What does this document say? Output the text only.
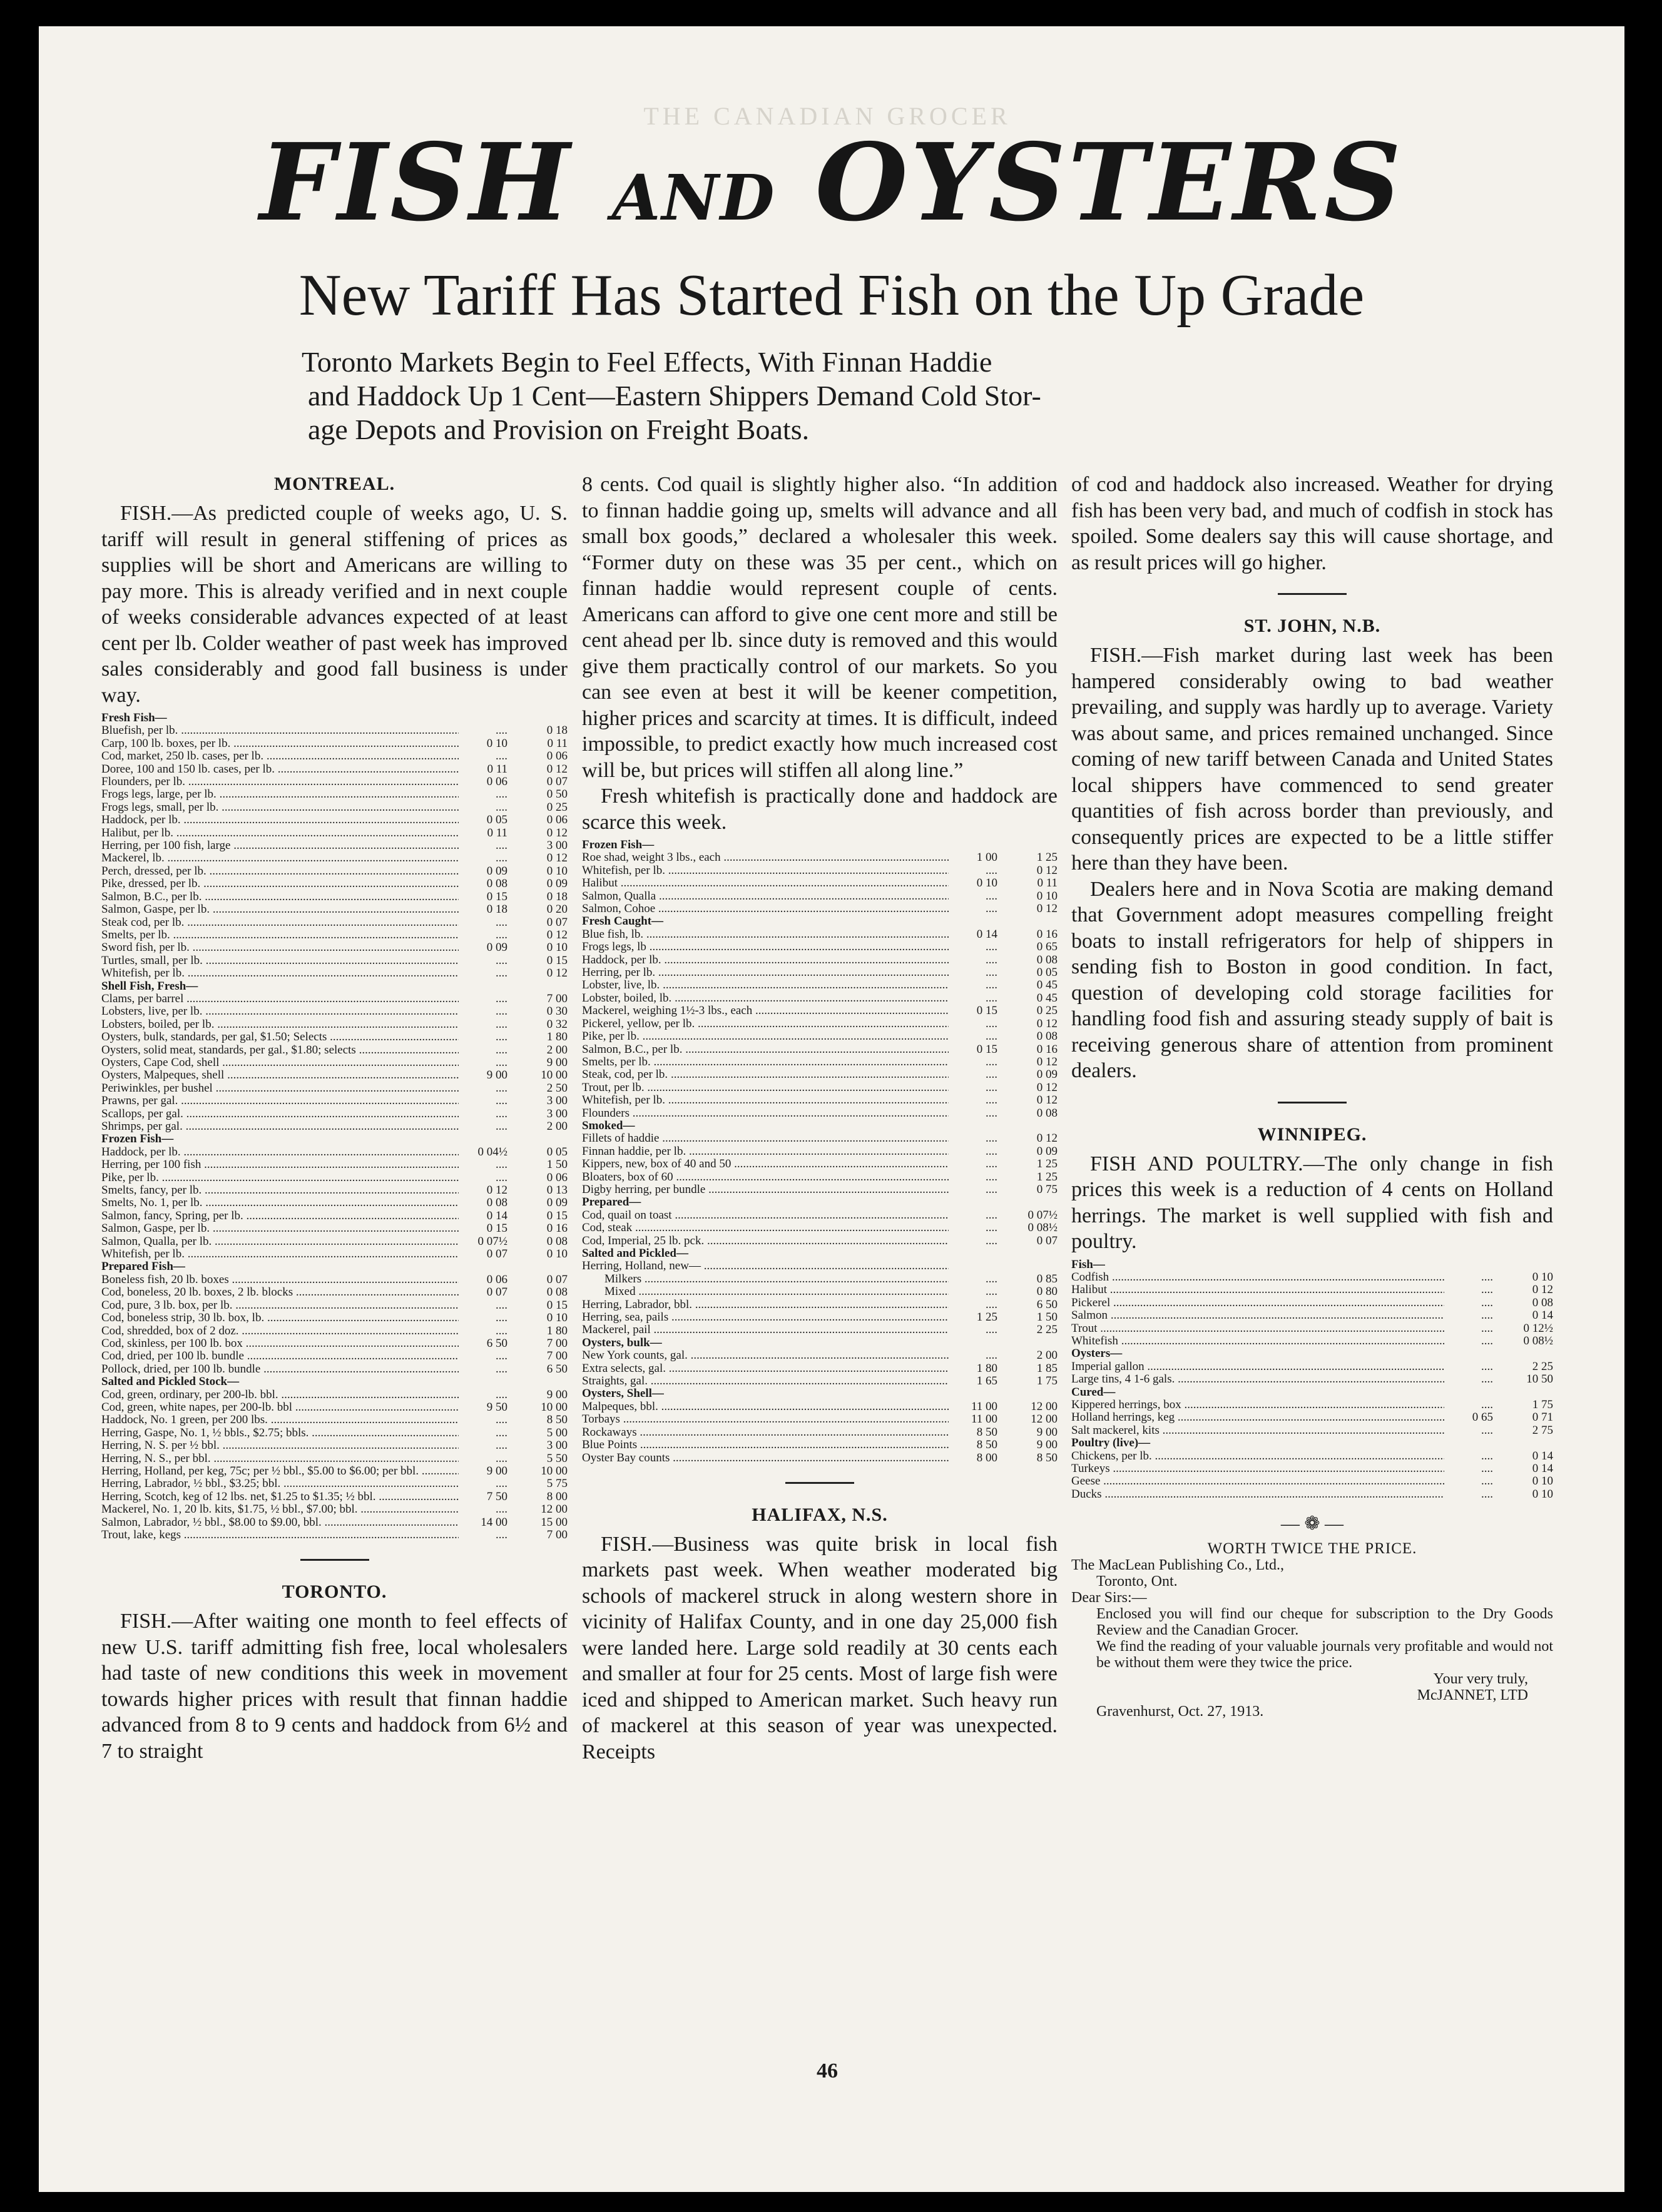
THE CANADIAN GROCER
FISH AND OYSTERS
New Tariff Has Started Fish on the Up Grade
Toronto Markets Begin to Feel Effects, With Finnan Haddie
and Haddock Up 1 Cent—Eastern Shippers Demand Cold Stor-
age Depots and Provision on Freight Boats.
MONTREAL.

FISH.—As predicted couple of weeks ago, U. S. tariff will result in general stiffening of prices as supplies will be short and Americans are willing to pay more. This is already verified and in next couple of weeks considerable advances expected of at least cent per lb. Colder weather of past week has improved sales considerably and good fall business is under way.

Fresh Fish—
Bluefish, per lb. .....	....	0 18
Carp, 100 lb. boxes, per lb. .....	0 10	0 11
Cod, market, 250 lb. cases, per lb. .....	....	0 06
Doree, 100 and 150 lb. cases, per lb. .....	0 11	0 12
Flounders, per lb. .....	0 06	0 07
Frogs legs, large, per lb. .....	....	0 50
Frogs legs, small, per lb. .....	....	0 25
Haddock, per lb. .....	0 05	0 06
Halibut, per lb. .....	0 11	0 12
Herring, per 100 fish, large .....	....	3 00
Mackerel, lb. .....	....	0 12
Perch, dressed, per lb. .....	0 09	0 10
Pike, dressed, per lb. .....	0 08	0 09
Salmon, B.C., per lb. .....	0 15	0 18
Salmon, Gaspe, per lb. .....	0 18	0 20
Steak cod, per lb. .....	....	0 07
Smelts, per lb. .....	....	0 12
Sword fish, per lb. .....	0 09	0 10
Turtles, small, per lb. .....	....	0 15
Whitefish, per lb. .....	....	0 12
Shell Fish, Fresh—
Clams, per barrel .....	....	7 00
Lobsters, live, per lb. .....	....	0 30
Lobsters, boiled, per lb. .....	....	0 32
Oysters, bulk, standards, per gal, $1.50; Selects .....	....	1 80
Oysters, solid meat, standards, per gal., $1.80; selects .....	....	2 00
Oysters, Cape Cod, shell .....	....	9 00
Oysters, Malpeques, shell .....	9 00	10 00
Periwinkles, per bushel .....	....	2 50
Prawns, per gal. .....	....	3 00
Scallops, per gal. .....	....	3 00
Shrimps, per gal. .....	....	2 00
Frozen Fish—
Haddock, per lb. .....	0 04½	0 05
Herring, per 100 fish .....	....	1 50
Pike, per lb. .....	....	0 06
Smelts, fancy, per lb. .....	0 12	0 13
Smelts, No. 1, per lb. .....	0 08	0 09
Salmon, fancy, Spring, per lb. .....	0 14	0 15
Salmon, Gaspe, per lb. .....	0 15	0 16
Salmon, Qualla, per lb. .....	0 07½	0 08
Whitefish, per lb. .....	0 07	0 10
Prepared Fish—
Boneless fish, 20 lb. boxes .....	0 06	0 07
Cod, boneless, 20 lb. boxes, 2 lb. blocks .....	0 07	0 08
Cod, pure, 3 lb. box, per lb. .....	....	0 15
Cod, boneless strip, 30 lb. box, lb. .....	....	0 10
Cod, shredded, box of 2 doz. .....	....	1 80
Cod, skinless, per 100 lb. box .....	6 50	7 00
Cod, dried, per 100 lb. bundle .....	....	7 00
Pollock, dried, per 100 lb. bundle .....	....	6 50
Salted and Pickled Stock—
Cod, green, ordinary, per 200-lb. bbl. .....	....	9 00
Cod, green, white napes, per 200-lb. bbl .....	9 50	10 00
Haddock, No. 1 green, per 200 lbs. .....	....	8 50
Herring, Gaspe, No. 1, ½ bbls., $2.75; bbls. .....	....	5 00
Herring, N. S. per ½ bbl. .....	....	3 00
Herring, N. S., per bbl. .....	....	5 50
Herring, Holland, per keg, 75c; per ½ bbl., $5.00 to $6.00; per bbl. .....	9 00	10 00
Herring, Labrador, ½ bbl., $3.25; bbl. .....	....	5 75
Herring, Scotch, keg of 12 lbs. net, $1.25 to $1.35; ½ bbl. .....	7 50	8 00
Mackerel, No. 1, 20 lb. kits, $1.75, ½ bbl., $7.00; bbl. .....	....	12 00
Salmon, Labrador, ½ bbl., $8.00 to $9.00, bbl. .....	14 00	15 00
Trout, lake, kegs .....	....	7 00
TORONTO.

FISH.—After waiting one month to feel effects of new U.S. tariff admitting fish free, local wholesalers had taste of new conditions this week in movement towards higher prices with result that finnan haddie advanced from 8 to 9 cents and haddock from 6½ and 7 to straight

8 cents. Cod quail is slightly higher also. “In addition to finnan haddie going up, smelts will advance and all small box goods,” declared a wholesaler this week. “Former duty on these was 35 per cent., which on finnan haddie would represent couple of cents. Americans can afford to give one cent more and still be cent ahead per lb. since duty is removed and this would give them practically control of our markets. So you can see even at best it will be keener competition, higher prices and scarcity at times. It is difficult, indeed impossible, to predict exactly how much increased cost will be, but prices will stiffen all along line.”

Fresh whitefish is practically done and haddock are scarce this week.

Frozen Fish—
Roe shad, weight 3 lbs., each .....	1 00	1 25
Whitefish, per lb. .....	....	0 12
Halibut .....	0 10	0 11
Salmon, Qualla .....	....	0 10
Salmon, Cohoe .....	....	0 12
Fresh Caught—
Blue fish, lb. .....	0 14	0 16
Frogs legs, lb .....	....	0 65
Haddock, per lb. .....	....	0 08
Herring, per lb. .....	....	0 05
Lobster, live, lb. .....	....	0 45
Lobster, boiled, lb. .....	....	0 45
Mackerel, weighing 1½-3 lbs., each .....	0 15	0 25
Pickerel, yellow, per lb. .....	....	0 12
Pike, per lb. .....	....	0 08
Salmon, B.C., per lb. .....	0 15	0 16
Smelts, per lb. .....	....	0 12
Steak, cod, per lb. .....	....	0 09
Trout, per lb. .....	....	0 12
Whitefish, per lb. .....	....	0 12
Flounders .....	....	0 08
Smoked—
Fillets of haddie .....	....	0 12
Finnan haddie, per lb. .....	....	0 09
Kippers, new, box of 40 and 50 .....	....	1 25
Bloaters, box of 60 .....	....	1 25
Digby herring, per bundle .....	....	0 75
Prepared—
Cod, quail on toast .....	....	0 07½
Cod, steak .....	....	0 08½
Cod, Imperial, 25 lb. pck. .....	....	0 07
Salted and Pickled—
Herring, Holland, new— .....
Milkers .....	....	0 85
Mixed .....	....	0 80
Herring, Labrador, bbl. .....	....	6 50
Herring, sea, pails .....	1 25	1 50
Mackerel, pail .....	....	2 25
Oysters, bulk—
New York counts, gal. .....	....	2 00
Extra selects, gal. .....	1 80	1 85
Straights, gal. .....	1 65	1 75
Oysters, Shell—
Malpeques, bbl. .....	11 00	12 00
Torbays .....	11 00	12 00
Rockaways .....	8 50	9 00
Blue Points .....	8 50	9 00
Oyster Bay counts .....	8 00	8 50
HALIFAX, N.S.

FISH.—Business was quite brisk in local fish markets past week. When weather moderated big schools of mackerel struck in along western shore in vicinity of Halifax County, and in one day 25,000 fish were landed here. Large sold readily at 30 cents each and smaller at four for 25 cents. Most of large fish were iced and shipped to American market. Such heavy run of mackerel at this season of year was unexpected. Receipts

of cod and haddock also increased. Weather for drying fish has been very bad, and much of codfish in stock has spoiled. Some dealers say this will cause shortage, and as result prices will go higher.

ST. JOHN, N.B.

FISH.—Fish market during last week has been hampered considerably owing to bad weather prevailing, and supply was hardly up to average. Variety was about same, and prices remained unchanged. Since coming of new tariff between Canada and United States local shippers have commenced to send greater quantities of fish across border than previously, and consequently prices are expected to be a little stiffer here than they have been.

Dealers here and in Nova Scotia are making demand that Government adopt measures compelling freight boats to install refrigerators for help of shippers in sending fish to Boston in good condition. In fact, question of developing cold storage facilities for handling food fish and assuring steady supply of bait is receiving generous share of attention from prominent dealers.

WINNIPEG.

FISH AND POULTRY.—The only change in fish prices this week is a reduction of 4 cents on Holland herrings. The market is well supplied with fish and poultry.

Fish—
Codfish .....	....	0 10
Halibut .....	....	0 12
Pickerel .....	....	0 08
Salmon .....	....	0 14
Trout .....	....	0 12½
Whitefish .....	....	0 08½
Oysters—
Imperial gallon .....	....	2 25
Large tins, 4 1-6 gals. .....	....	10 50
Cured—
Kippered herrings, box .....	....	1 75
Holland herrings, keg .....	0 65	0 71
Salt mackerel, kits .....	....	2 75
Poultry (live)—
Chickens, per lb. .....	....	0 14
Turkeys .....	....	0 14
Geese .....	....	0 10
Ducks .....	....	0 10
— ❁ —
WORTH TWICE THE PRICE.
The MacLean Publishing Co., Ltd.,
Toronto, Ont.
Dear Sirs:—
Enclosed you will find our cheque for subscription to the Dry Goods Review and the Canadian Grocer.
We find the reading of your valuable journals very profitable and would not be without them were they twice the price.
Your very truly,
McJANNET, LTD
Gravenhurst, Oct. 27, 1913.
46
